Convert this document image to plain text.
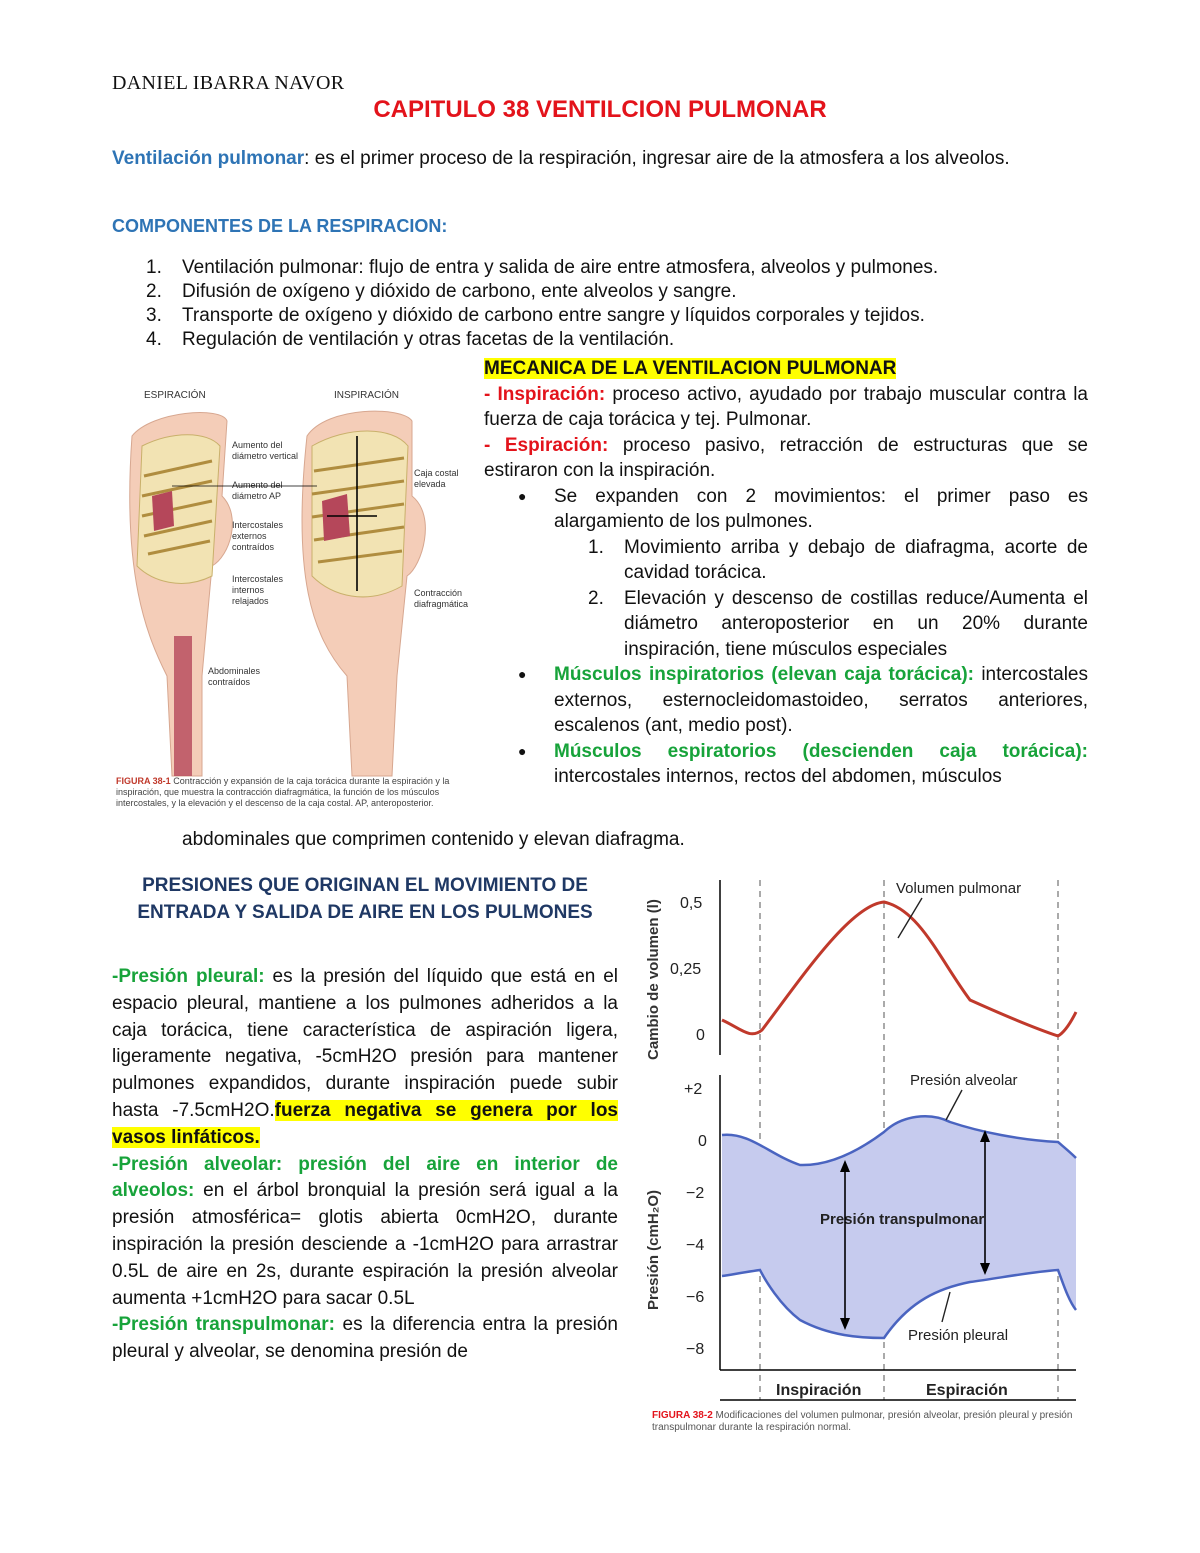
DANIEL IBARRA NAVOR
CAPITULO 38 VENTILCION PULMONAR
Ventilación pulmonar: es el primer proceso de la respiración, ingresar aire de la atmosfera a los alveolos.
COMPONENTES DE LA RESPIRACION:
1. Ventilación pulmonar: flujo de entra y salida de aire entre atmosfera, alveolos y pulmones.
2. Difusión de oxígeno y dióxido de carbono, ente alveolos y sangre.
3. Transporte de oxígeno y dióxido de carbono entre sangre y líquidos corporales y tejidos.
4. Regulación de ventilación y otras facetas de la ventilación.
ESPIRACIÓN	INSPIRACIÓN
Aumento del
diámetro vertical
Aumento del
diámetro AP
Intercostales
externos
contraídos
Intercostales
internos
relajados
Abdominales
contraídos
Caja costal
elevada
Contracción
diafragmática
FIGURA 38-1 Contracción y expansión de la caja torácica durante la espiración y la inspiración, que muestra la contracción diafragmática, la función de los músculos intercostales, y la elevación y el descenso de la caja costal. AP, anteroposterior.

MECANICA DE LA VENTILACION PULMONAR

- Inspiración: proceso activo, ayudado por trabajo muscular contra la fuerza de caja torácica y tej. Pulmonar.

- Espiración: proceso pasivo, retracción de estructuras que se estiraron con la inspiración.

● Se expanden con 2 movimientos: el primer paso es alargamiento de los pulmones.
1. Movimiento arriba y debajo de diafragma, acorte de cavidad torácica.
2. Elevación y descenso de costillas reduce/Aumenta el diámetro anteroposterior en un 20% durante inspiración, tiene músculos especiales
● Músculos inspiratorios (elevan caja torácica): intercostales externos, esternocleidomastoideo, serratos anteriores, escalenos (ant, medio post).
● Músculos espiratorios (descienden caja torácica): intercostales internos, rectos del abdomen, músculos
abdominales que comprimen contenido y elevan diafragma.
PRESIONES QUE ORIGINAN EL MOVIMIENTO DE ENTRADA Y SALIDA DE AIRE EN LOS PULMONES

-Presión pleural: es la presión del líquido que está en el espacio pleural, mantiene a los pulmones adheridos a la caja torácica, tiene característica de aspiración ligera, ligeramente negativa, -5cmH2O presión para mantener pulmones expandidos, durante inspiración puede subir hasta -7.5cmH2O.fuerza negativa se genera por los vasos linfáticos.

-Presión alveolar: presión del aire en interior de alveolos: en el árbol bronquial la presión será igual a la presión atmosférica= glotis abierta 0cmH2O, durante inspiración la presión desciende a -1cmH2O para arrastrar 0.5L de aire en 2s, durante espiración la presión alveolar aumenta +1cmH2O para sacar 0.5L

-Presión transpulmonar: es la diferencia entra la presión pleural y alveolar, se denomina presión de

Cambio de volumen (l) 0,5
0,25
0
Volumen pulmonar
Presión (cmH₂O)
+2
0
−2
−4
−6
−8
Presión alveolar
Presión transpulmonar
Presión pleural
Inspiración	Espiración
FIGURA 38-2 Modificaciones del volumen pulmonar, presión alveolar, presión pleural y presión transpulmonar durante la respiración normal.
